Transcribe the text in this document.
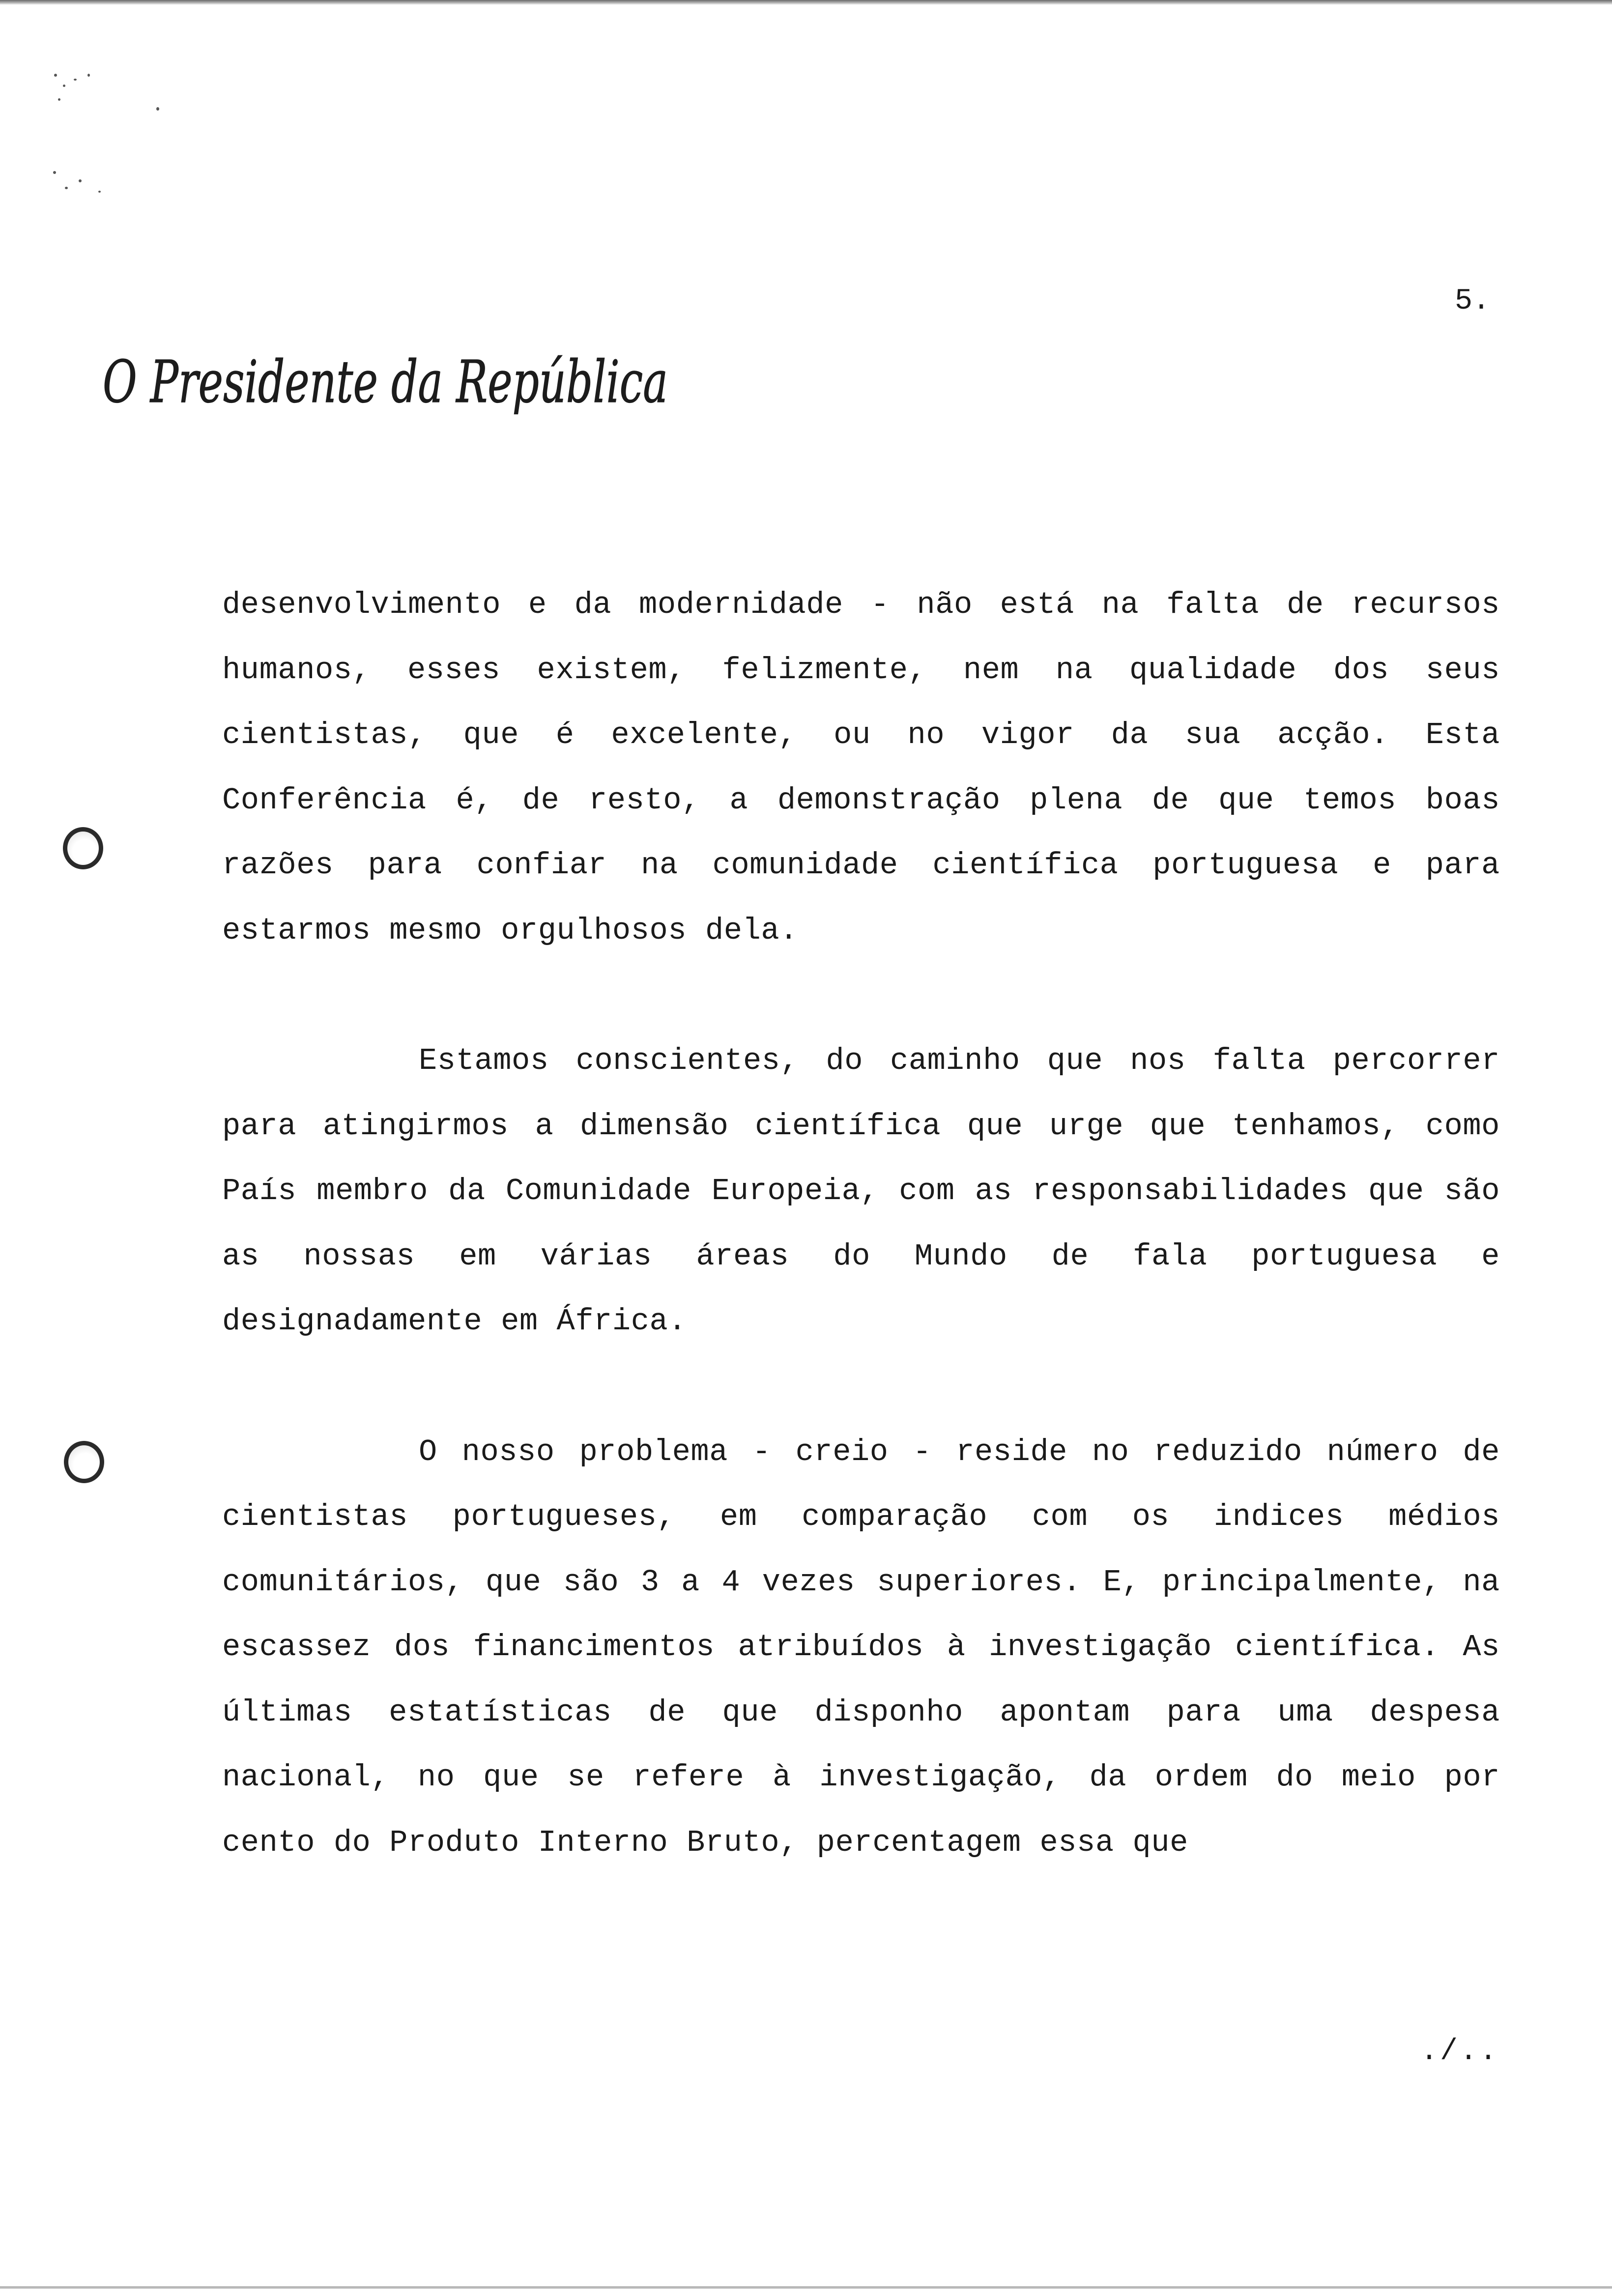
5.
O Presidente da República

desenvolvimento e da modernidade - não está na falta de recursos humanos, esses existem, felizmente, nem na qualidade dos seus cientistas, que é excelente, ou no vigor da sua acção. Esta Conferência é, de resto, a demonstração plena de que temos boas razões para confiar na comunidade científica portuguesa e para estarmos mesmo orgulhosos dela.

Estamos conscientes, do caminho que nos falta percorrer para atingirmos a dimensão científica que urge que tenhamos, como País membro da Comunidade Europeia, com as responsabilidades que são as nossas em várias áreas do Mundo de fala portuguesa e designadamente em África.

O nosso problema - creio - reside no reduzido número de cientistas portugueses, em comparação com os indices médios comunitários, que são 3 a 4 vezes superiores. E, principalmente, na escassez dos financimentos atribuídos à investigação científica. As últimas estatísticas de que disponho apontam para uma despesa nacional, no que se refere à investigação, da ordem do meio por cento do Produto Interno Bruto, percentagem essa que

./..
